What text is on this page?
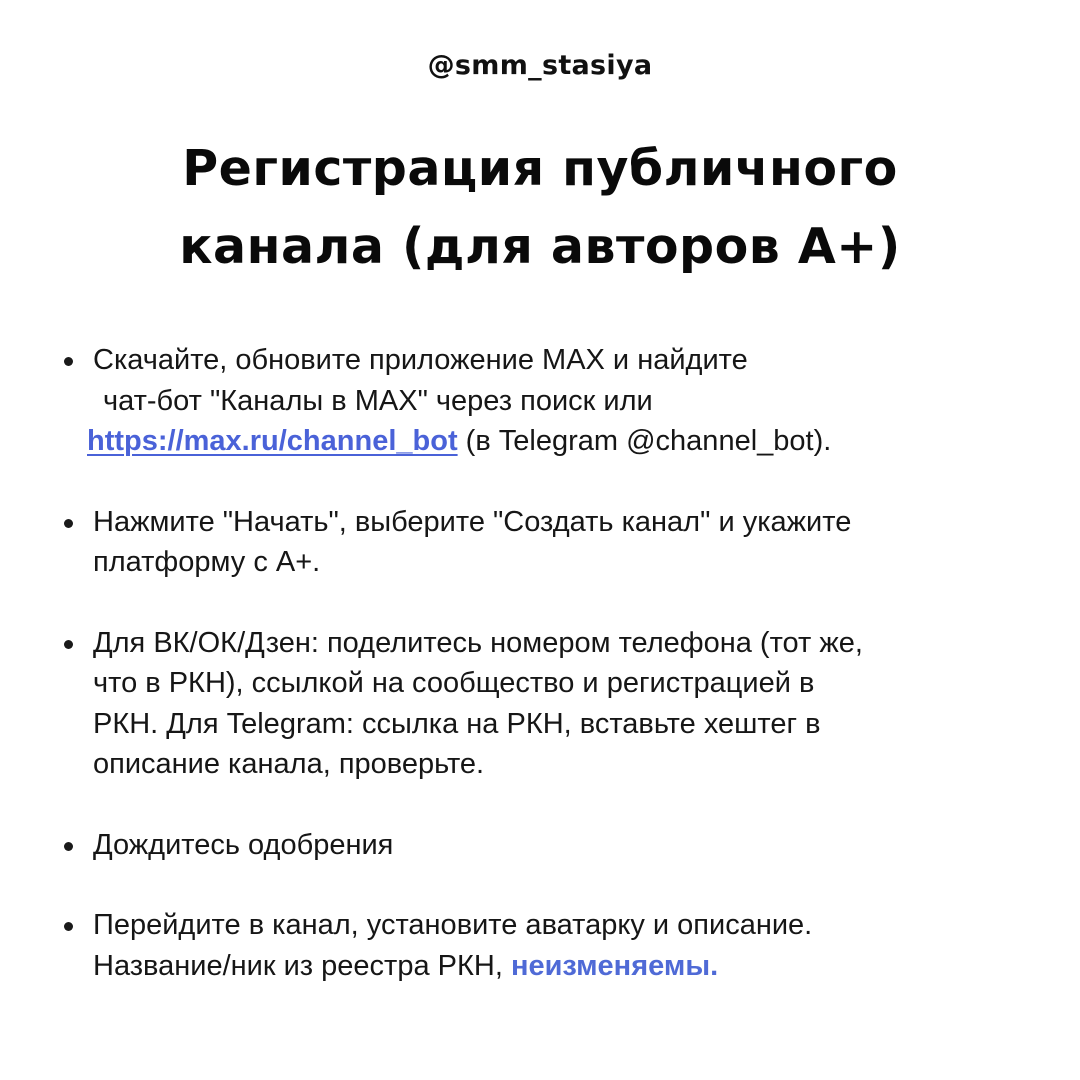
@smm_stasiya
Регистрация публичного
канала (для авторов А+)
Скачайте, обновите приложение MAX и найдите
чат-бот "Каналы в MAX" через поиск или
https://max.ru/channel_bot (в Telegram @channel_bot).
Нажмите "Начать", выберите "Создать канал" и укажите
платформу с А+.
Для ВК/ОК/Дзен: поделитесь номером телефона (тот же,
что в РКН), ссылкой на сообщество и регистрацией в
РКН. Для Telegram: ссылка на РКН, вставьте хештег в
описание канала, проверьте.
Дождитесь одобрения
Перейдите в канал, установите аватарку и описание.
Название/ник из реестра РКН, неизменяемы.
